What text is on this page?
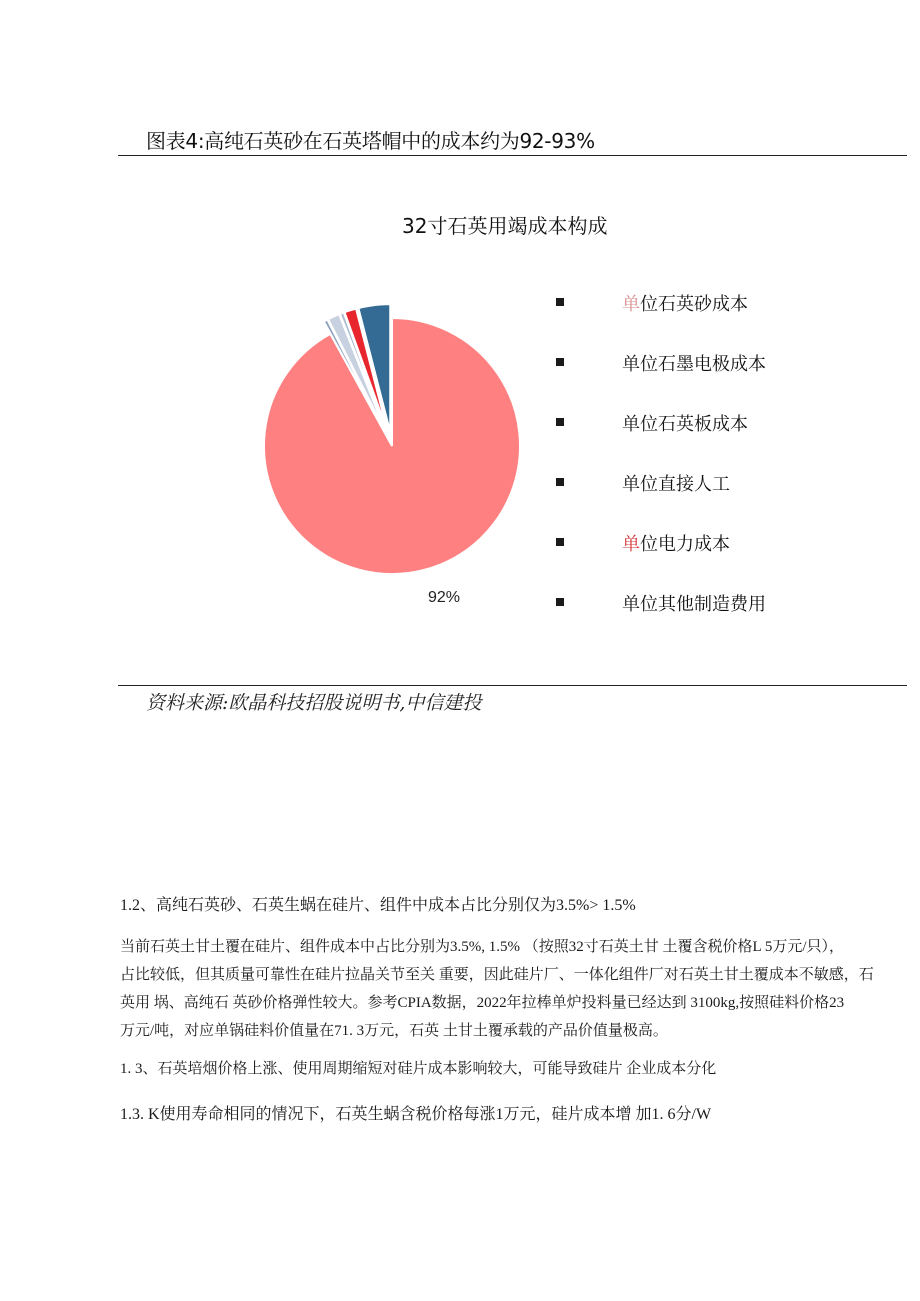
图表4:高纯石英砂在石英塔帽中的成本约为92-93%
32寸石英用竭成本构成
92%
单位石英砂成本
单位石墨电极成本
单位石英板成本
单位直接人工
单位电力成本
单位其他制造费用
资料来源:欧晶科技招股说明书,中信建投
1.2、高纯石英砂、石英生蜗在硅片、组件中成本占比分别仅为3.5%> 1.5%

当前石英土甘土覆在硅片、组件成本中占比分别为3.5%, 1.5% （按照32寸石英土甘 土覆含税价格L 5万元/只），

占比较低，但其质量可靠性在硅片拉晶关节至关 重要，因此硅片厂、一体化组件厂对石英土甘土覆成本不敏感，石

英用 埚、高纯石 英砂价格弹性较大。参考CPIA数据，2022年拉棒单炉投料量已经达到 3100kg,按照硅料价格23

万元/吨，对应单锅硅料价值量在71. 3万元，石英 土甘土覆承载的产品价值量极高。

1. 3、石英培烟价格上涨、使用周期缩短对硅片成本影响较大，可能导致硅片 企业成本分化
1.3. K使用寿命相同的情况下，石英生蜗含税价格每涨1万元，硅片成本增 加1. 6分/W
